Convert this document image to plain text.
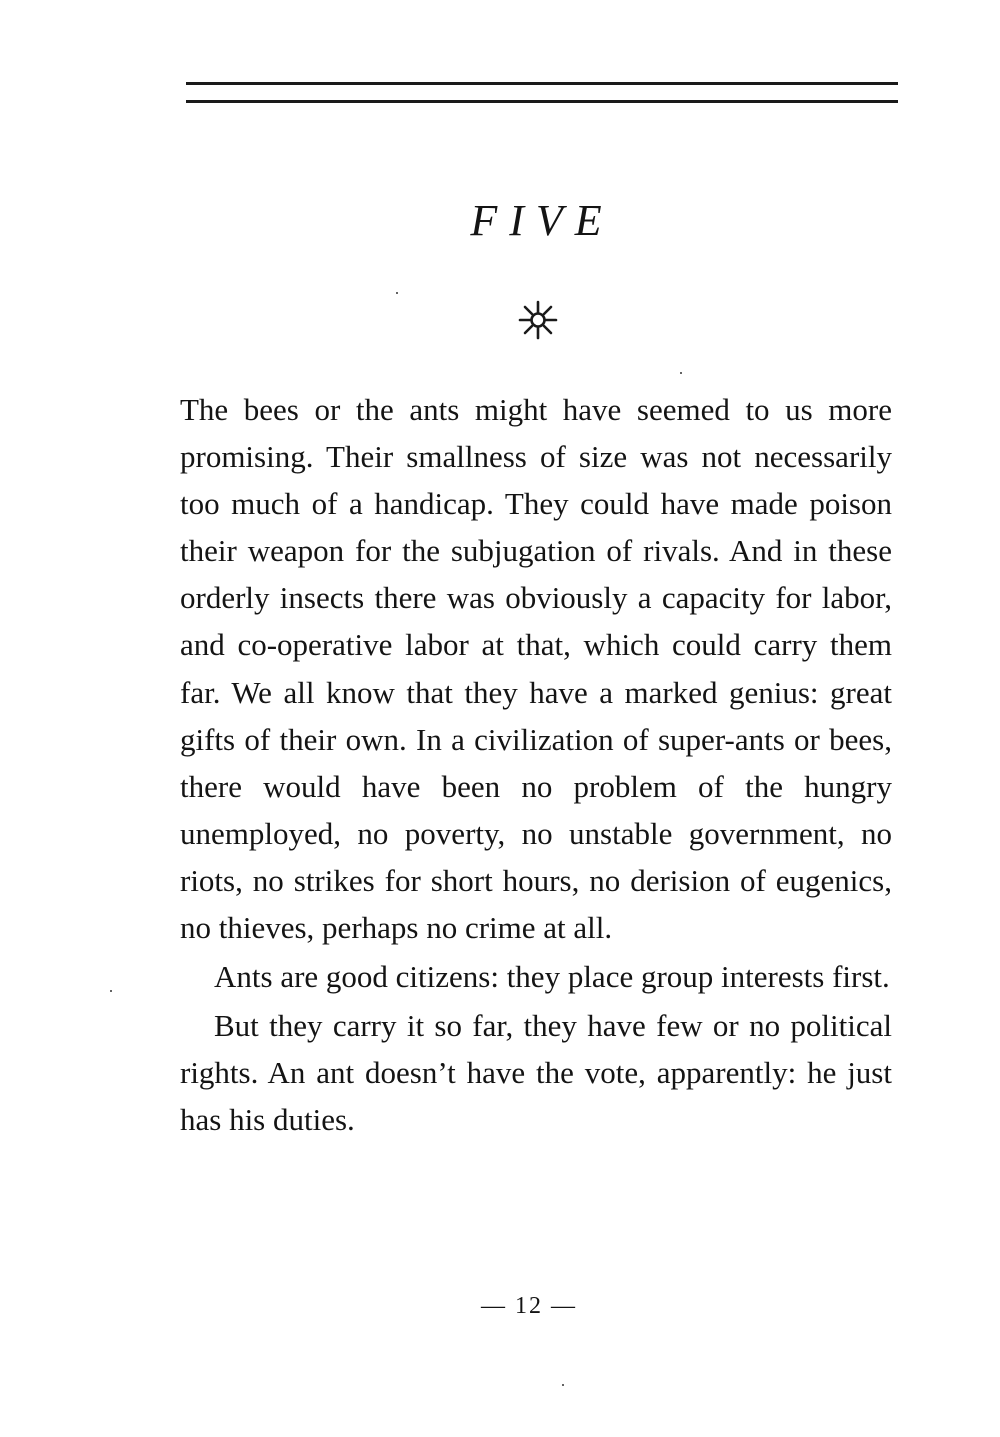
FIVE

The bees or the ants might have seemed to us more promising. Their smallness of size was not necessarily too much of a handicap. They could have made poison their weapon for the subjugation of rivals. And in these orderly insects there was obviously a capacity for labor, and co-operative labor at that, which could carry them far. We all know that they have a marked genius: great gifts of their own. In a civilization of super-ants or bees, there would have been no problem of the hungry unemployed, no poverty, no unstable government, no riots, no strikes for short hours, no derision of eugenics, no thieves, perhaps no crime at all.

Ants are good citizens: they place group interests first.

But they carry it so far, they have few or no political rights. An ant doesn’t have the vote, apparently: he just has his duties.

— 12 —
